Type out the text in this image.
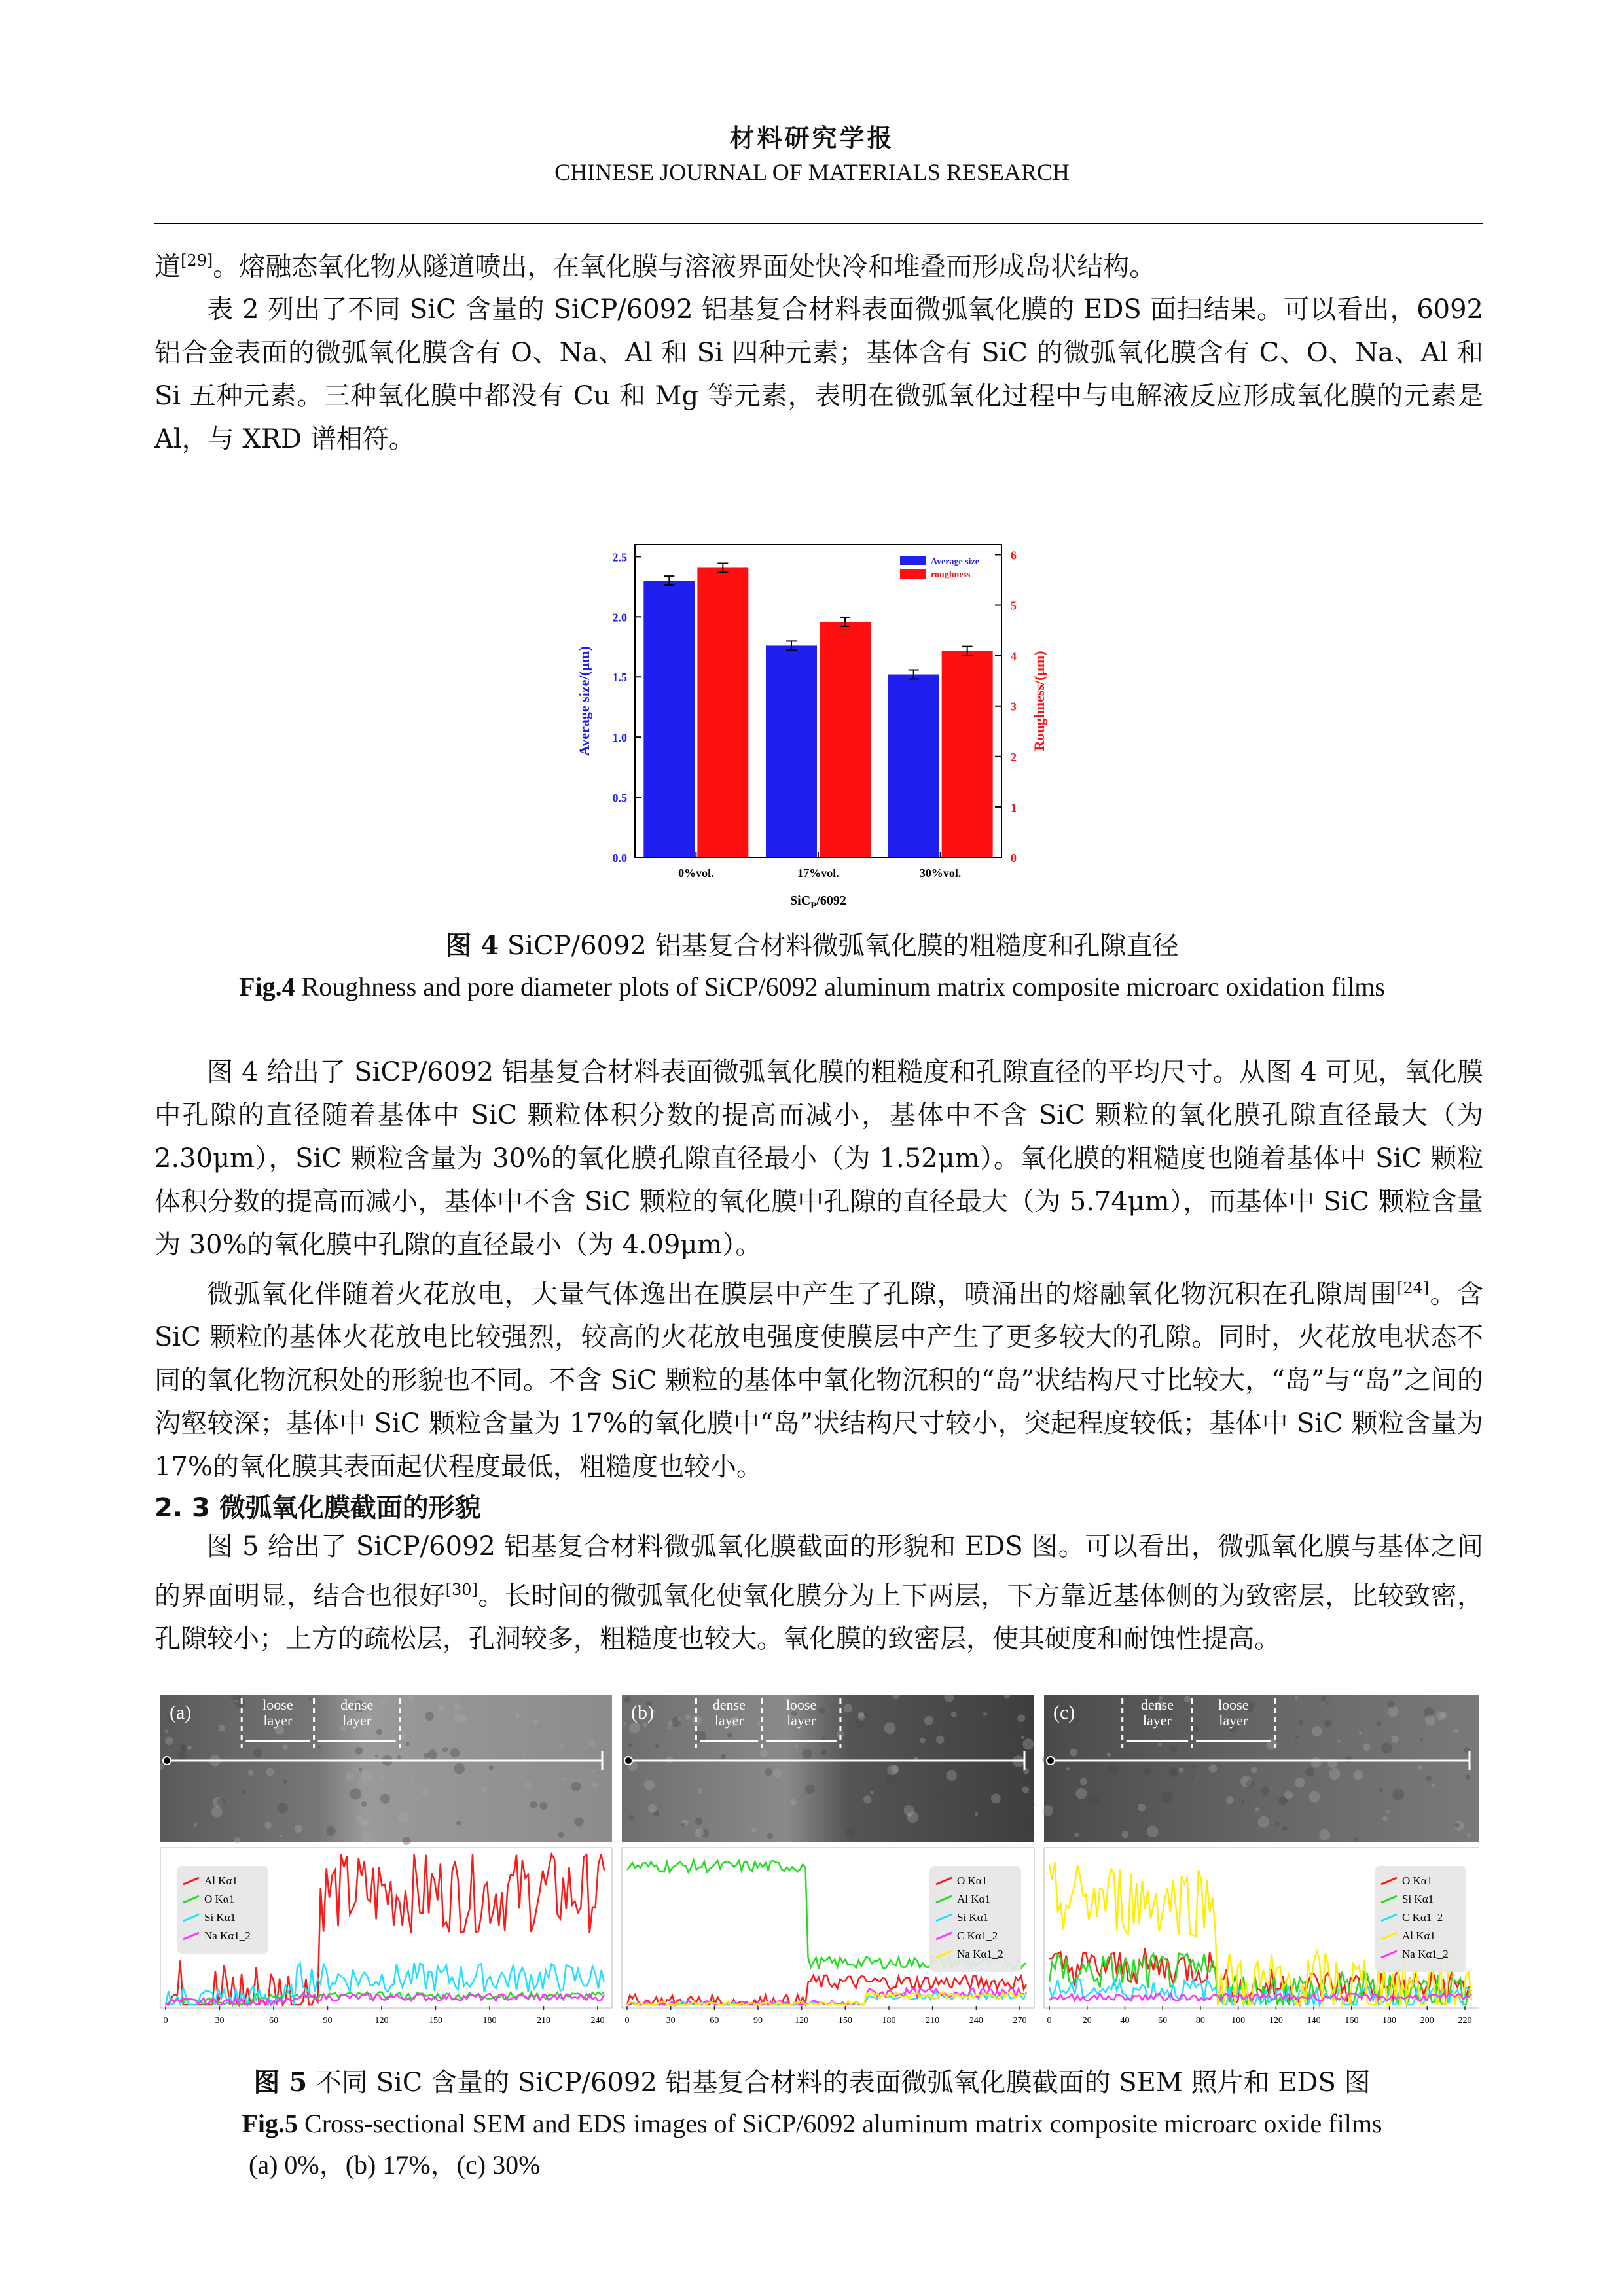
材料研究学报
CHINESE JOURNAL OF MATERIALS RESEARCH

道[29]。熔融态氧化物从隧道喷出，在氧化膜与溶液界面处快冷和堆叠而形成岛状结构。

表 2 列出了不同 SiC 含量的 SiCP/6092 铝基复合材料表面微弧氧化膜的 EDS 面扫结果。可以看出，6092 铝合金表面的微弧氧化膜含有 O、Na、Al 和 Si 四种元素；基体含有 SiC 的微弧氧化膜含有 C、O、Na、Al 和 Si 五种元素。三种氧化膜中都没有 Cu 和 Mg 等元素，表明在微弧氧化过程中与电解液反应形成氧化膜的元素是 Al，与 XRD 谱相符。

0.0
0.5
1.0
1.5
2.0
2.5
0
1
2
3
4
5
6
0%vol.	17%vol.	30%vol.
SiC$_P$/6092
Average size/(μm)	Roughness/(μm)
Average size
roughness
图 4 SiCP/6092 铝基复合材料微弧氧化膜的粗糙度和孔隙直径
Fig.4 Roughness and pore diameter plots of SiCP/6092 aluminum matrix composite microarc oxidation films

图 4 给出了 SiCP/6092 铝基复合材料表面微弧氧化膜的粗糙度和孔隙直径的平均尺寸。从图 4 可见，氧化膜中孔隙的直径随着基体中 SiC 颗粒体积分数的提高而减小，基体中不含 SiC 颗粒的氧化膜孔隙直径最大（为 2.30μm），SiC 颗粒含量为 30%的氧化膜孔隙直径最小（为 1.52μm）。氧化膜的粗糙度也随着基体中 SiC 颗粒体积分数的提高而减小，基体中不含 SiC 颗粒的氧化膜中孔隙的直径最大（为 5.74μm），而基体中 SiC 颗粒含量为 30%的氧化膜中孔隙的直径最小（为 4.09μm）。

微弧氧化伴随着火花放电，大量气体逸出在膜层中产生了孔隙，喷涌出的熔融氧化物沉积在孔隙周围[24]。含 SiC 颗粒的基体火花放电比较强烈，较高的火花放电强度使膜层中产生了更多较大的孔隙。同时，火花放电状态不同的氧化物沉积处的形貌也不同。不含 SiC 颗粒的基体中氧化物沉积的“岛”状结构尺寸比较大，“岛”与“岛”之间的沟壑较深；基体中 SiC 颗粒含量为 17%的氧化膜中“岛”状结构尺寸较小，突起程度较低；基体中 SiC 颗粒含量为 17%的氧化膜其表面起伏程度最低，粗糙度也较小。

2. 3 微弧氧化膜截面的形貌

图 5 给出了 SiCP/6092 铝基复合材料微弧氧化膜截面的形貌和 EDS 图。可以看出，微弧氧化膜与基体之间的界面明显，结合也很好[30]。长时间的微弧氧化使氧化膜分为上下两层，下方靠近基体侧的为致密层，比较致密，孔隙较小；上方的疏松层，孔洞较多，粗糙度也较大。氧化膜的致密层，使其硬度和耐蚀性提高。

(a)	loose
layer
dense
layer
Al Kα1
O Kα1
Si Kα1
Na Kα1_2
0	30	60	90	120	150	180	210	240
(b)	dense
layer
loose
layer
O Kα1
Al Kα1
Si Kα1
C Kα1_2
Na Kα1_2
0	30	60	90	120	150	180	210	240	270
(c)	dense
layer
loose
layer
O Kα1
Si Kα1
C Kα1_2
Al Kα1
Na Kα1_2
0	20	40	60	80	100	120	140	160	180	200	220
图 5 不同 SiC 含量的 SiCP/6092 铝基复合材料的表面微弧氧化膜截面的 SEM 照片和 EDS 图
Fig.5 Cross-sectional SEM and EDS images of SiCP/6092 aluminum matrix composite microarc oxide films
(a) 0%，(b) 17%，(c) 30%
